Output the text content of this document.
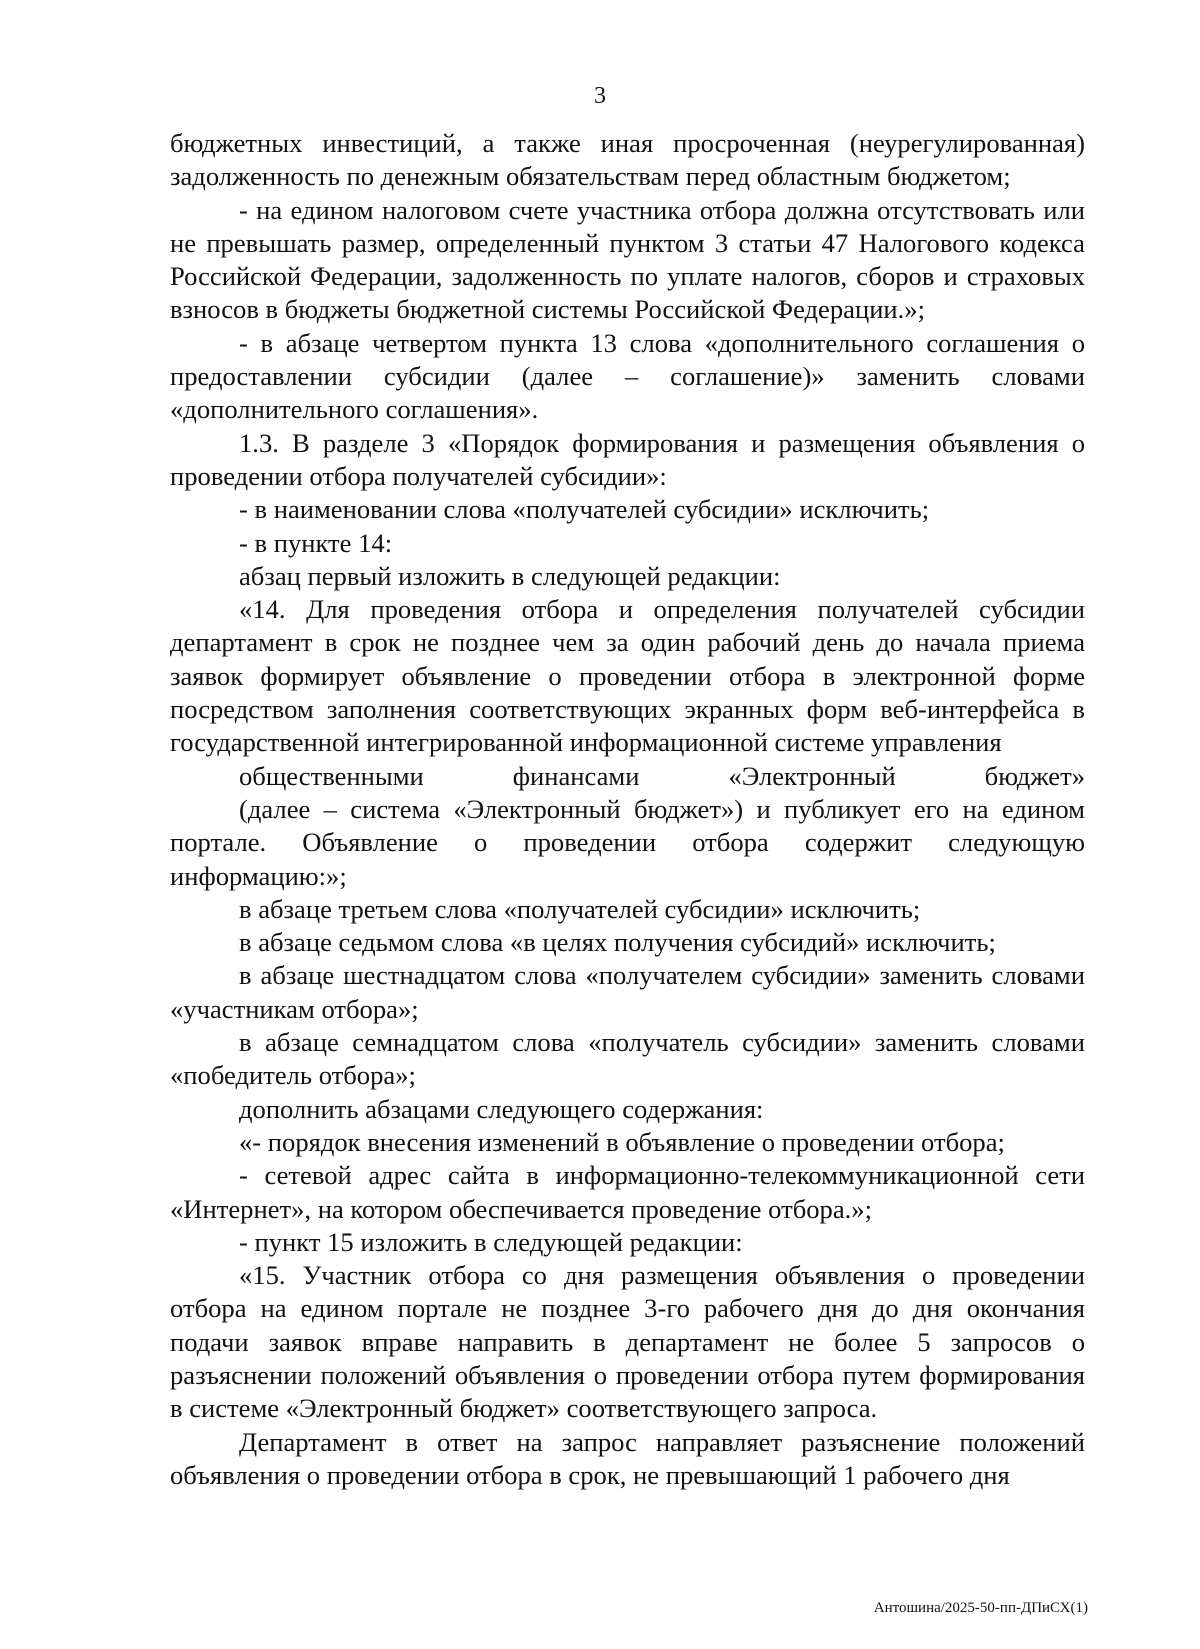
3

бюджетных инвестиций, а также иная просроченная (неурегулированная) задолженность по денежным обязательствам перед областным бюджетом;

- на едином налоговом счете участника отбора должна отсутствовать или не превышать размер, определенный пунктом 3 статьи 47 Налогового кодекса Российской Федерации, задолженность по уплате налогов, сборов и страховых взносов в бюджеты бюджетной системы Российской Федерации.»;

- в абзаце четвертом пункта 13 слова «дополнительного соглашения о предоставлении субсидии (далее – соглашение)» заменить словами «дополнительного соглашения».

1.3. В разделе 3 «Порядок формирования и размещения объявления о проведении отбора получателей субсидии»:

- в наименовании слова «получателей субсидии» исключить;

- в пункте 14:

абзац первый изложить в следующей редакции:

«14. Для проведения отбора и определения получателей субсидии департамент в срок не позднее чем за один рабочий день до начала приема заявок формирует объявление о проведении отбора в электронной форме посредством заполнения соответствующих экранных форм веб-интерфейса в государственной интегрированной информационной системе управления
общественными финансами «Электронный бюджет»
(далее – система «Электронный бюджет») и публикует его на едином портале. Объявление о проведении отбора содержит следующую информацию:»;

в абзаце третьем слова «получателей субсидии» исключить;

в абзаце седьмом слова «в целях получения субсидий» исключить;

в абзаце шестнадцатом слова «получателем субсидии» заменить словами «участникам отбора»;

в абзаце семнадцатом слова «получатель субсидии» заменить словами «победитель отбора»;

дополнить абзацами следующего содержания:

«- порядок внесения изменений в объявление о проведении отбора;

- сетевой адрес сайта в информационно-телекоммуникационной сети «Интернет», на котором обеспечивается проведение отбора.»;

- пункт 15 изложить в следующей редакции:

«15. Участник отбора со дня размещения объявления о проведении отбора на едином портале не позднее 3-го рабочего дня до дня окончания подачи заявок вправе направить в департамент не более 5 запросов о разъяснении положений объявления о проведении отбора путем формирования в системе «Электронный бюджет» соответствующего запроса.

Департамент в ответ на запрос направляет разъяснение положений объявления о проведении отбора в срок, не превышающий 1 рабочего дня

Антошина/2025-50-пп-ДПиСХ(1)
